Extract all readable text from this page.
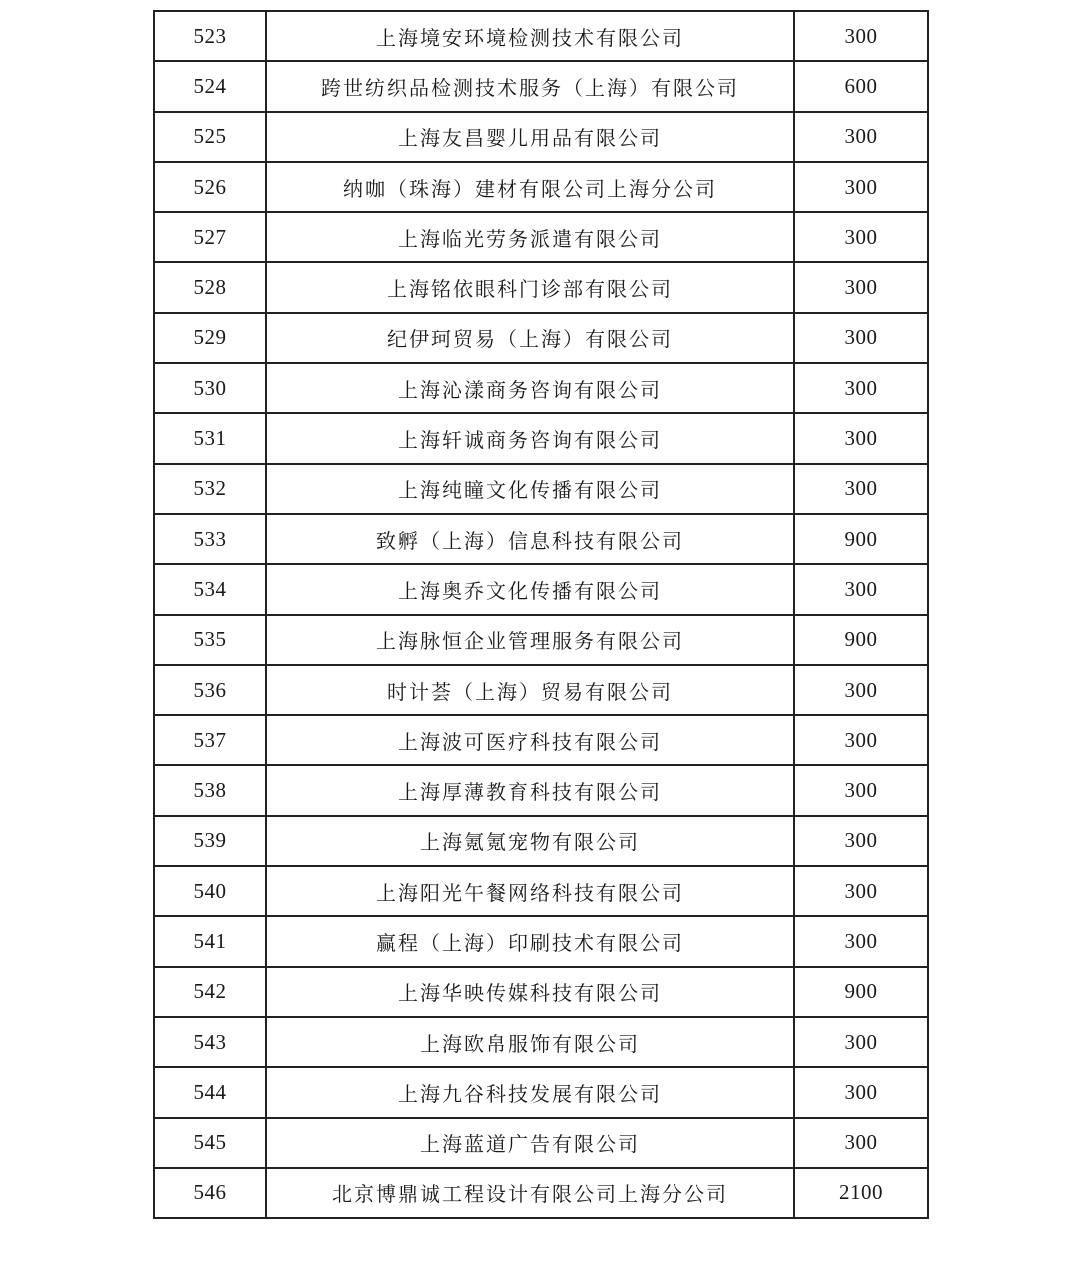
523	上海境安环境检测技术有限公司	300
524	跨世纺织品检测技术服务（上海）有限公司	600
525	上海友昌婴儿用品有限公司	300
526	纳咖（珠海）建材有限公司上海分公司	300
527	上海临光劳务派遣有限公司	300
528	上海铭依眼科门诊部有限公司	300
529	纪伊珂贸易（上海）有限公司	300
530	上海沁漾商务咨询有限公司	300
531	上海轩诚商务咨询有限公司	300
532	上海纯瞳文化传播有限公司	300
533	致孵（上海）信息科技有限公司	900
534	上海奥乔文化传播有限公司	300
535	上海脉恒企业管理服务有限公司	900
536	时计荟（上海）贸易有限公司	300
537	上海波可医疗科技有限公司	300
538	上海厚薄教育科技有限公司	300
539	上海氪氪宠物有限公司	300
540	上海阳光午餐网络科技有限公司	300
541	赢程（上海）印刷技术有限公司	300
542	上海华映传媒科技有限公司	900
543	上海欧帛服饰有限公司	300
544	上海九谷科技发展有限公司	300
545	上海蓝道广告有限公司	300
546	北京博鼎诚工程设计有限公司上海分公司	2100
